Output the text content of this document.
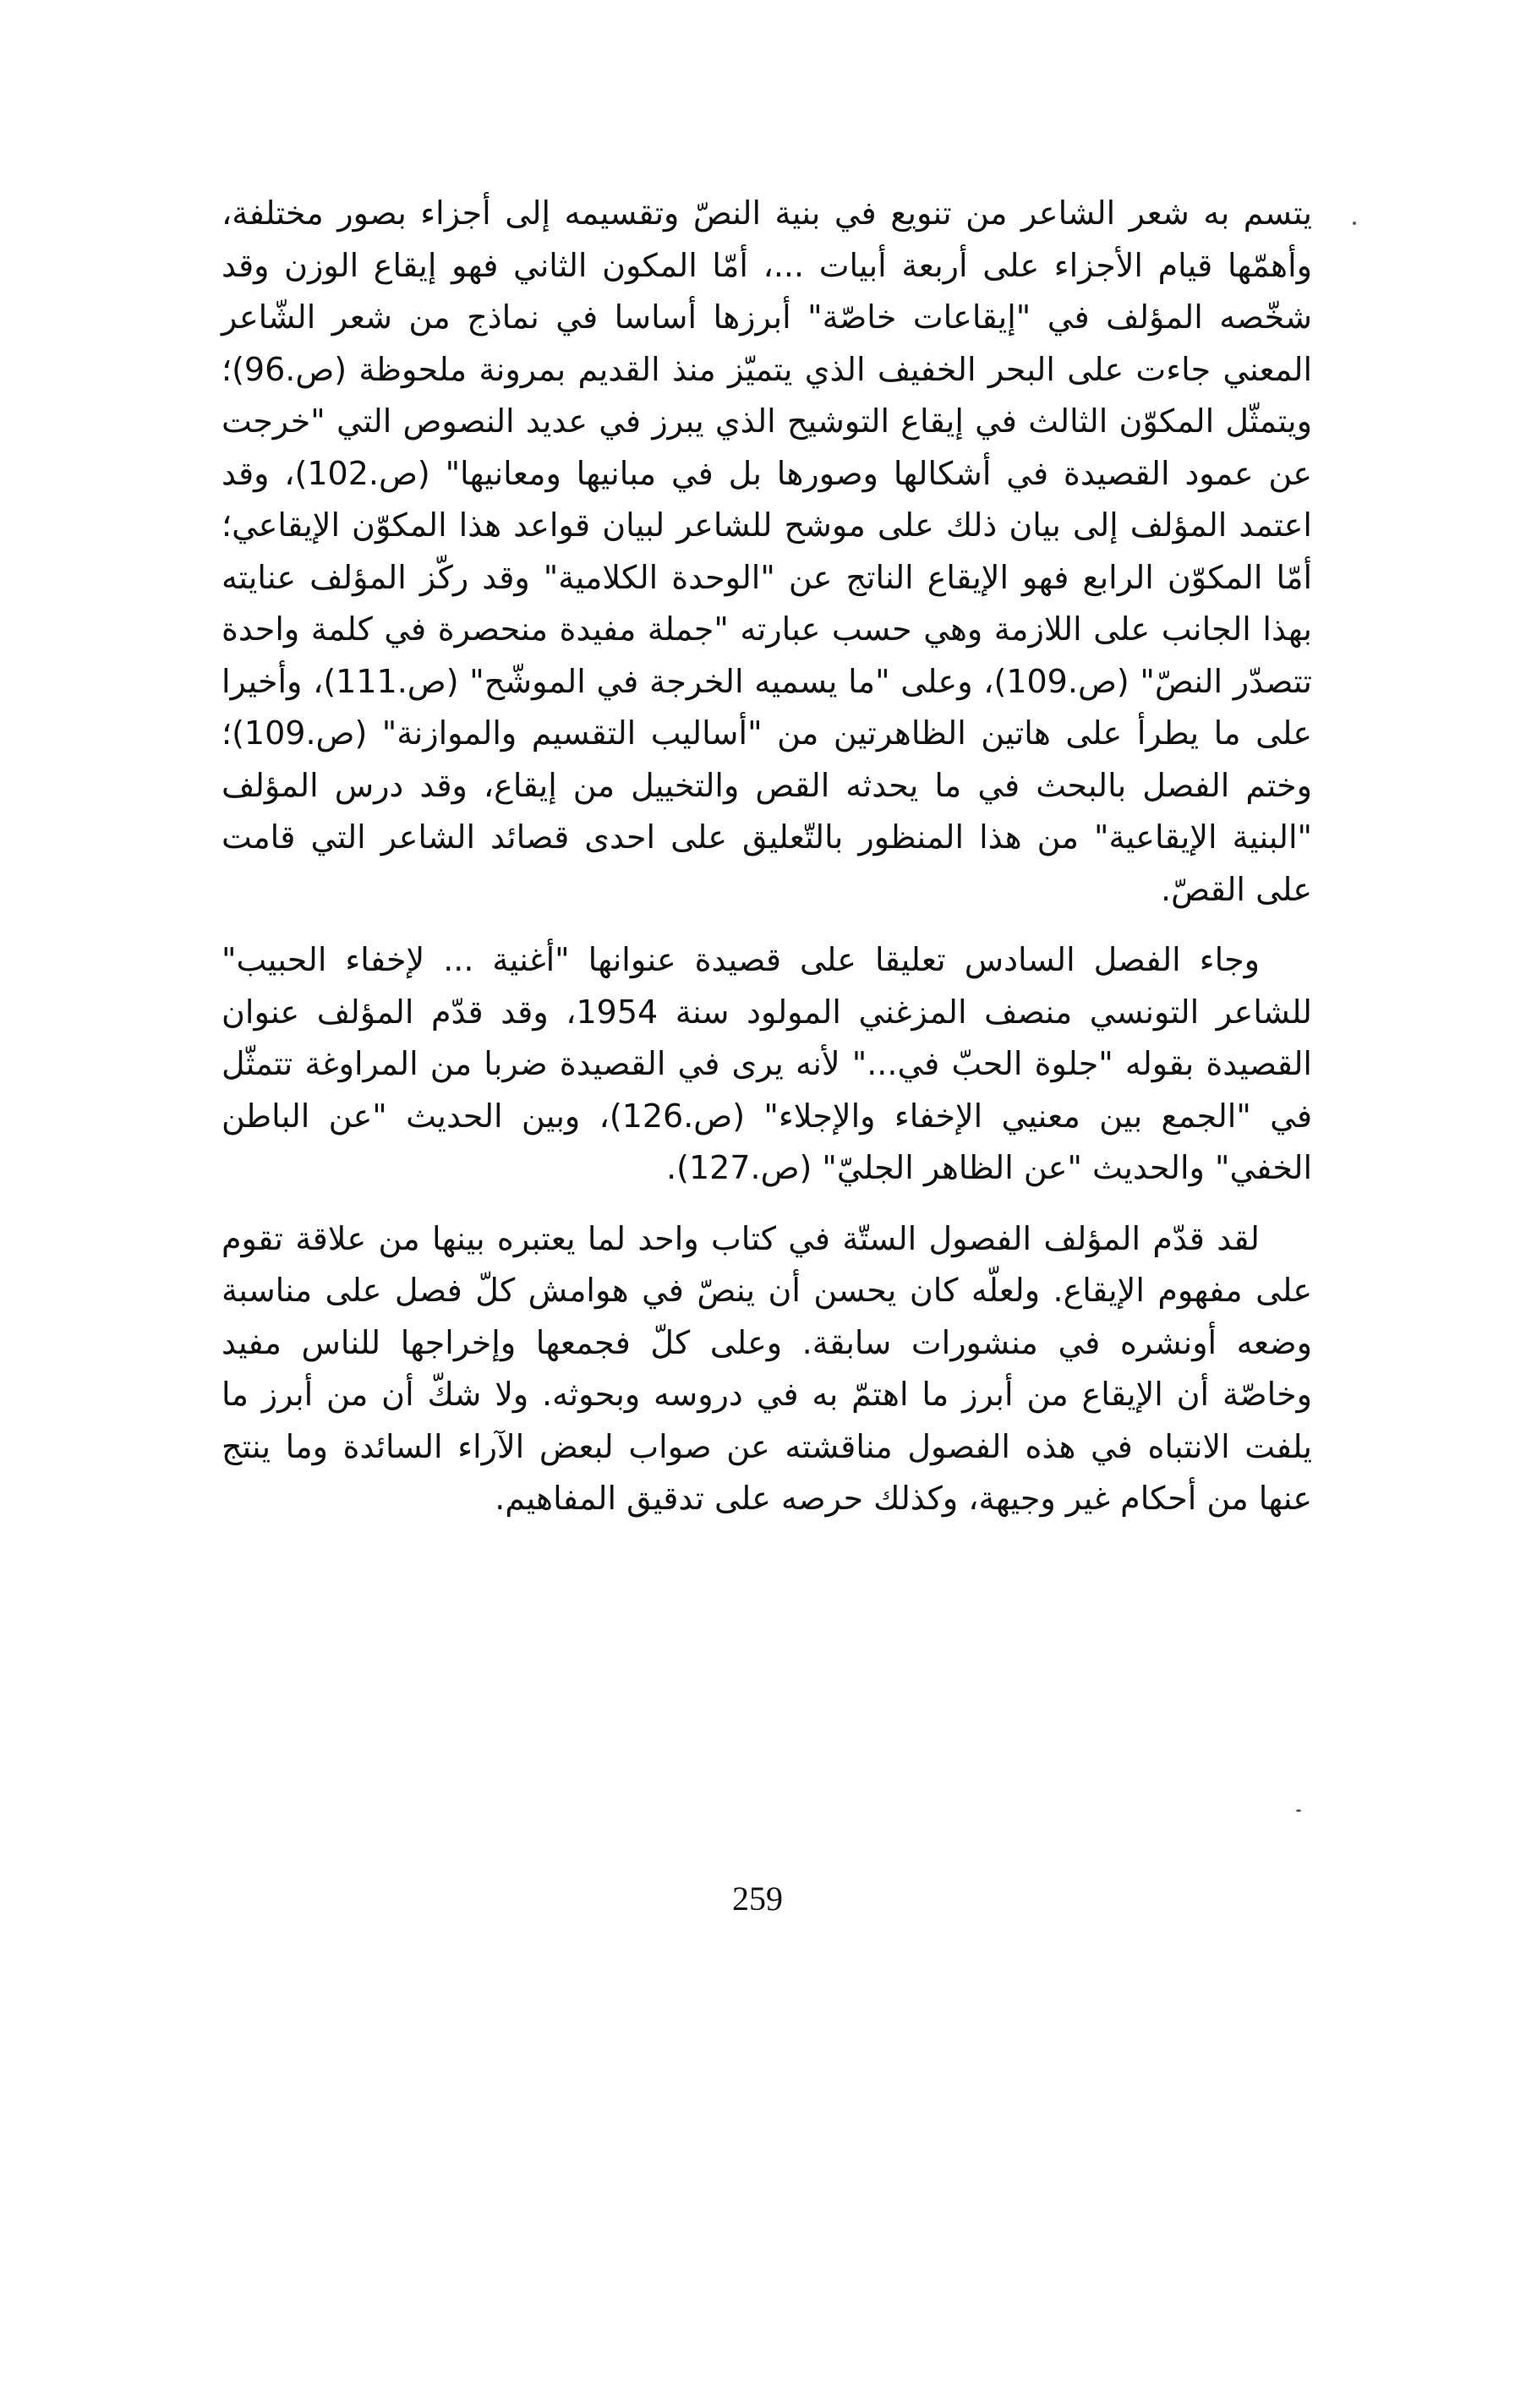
يتسم به شعر الشاعر من تنويع في بنية النصّ وتقسيمه إلى أجزاء بصور مختلفة، وأهمّها قيام الأجزاء على أربعة أبيات ...، أمّا المكون الثاني فهو إيقاع الوزن وقد شخّصه المؤلف في "إيقاعات خاصّة" أبرزها أساسا في نماذج من شعر الشّاعر المعني جاءت على البحر الخفيف الذي يتميّز منذ القديم بمرونة ملحوظة (ص.96)؛ ويتمثّل المكوّن الثالث في إيقاع التوشيح الذي يبرز في عديد النصوص التي "خرجت عن عمود القصيدة في أشكالها وصورها بل في مبانيها ومعانيها" (ص.102)، وقد اعتمد المؤلف إلى بيان ذلك على موشح للشاعر لبيان قواعد هذا المكوّن الإيقاعي؛ أمّا المكوّن الرابع فهو الإيقاع الناتج عن "الوحدة الكلامية" وقد ركّز المؤلف عنايته بهذا الجانب على اللازمة وهي حسب عبارته "جملة مفيدة منحصرة في كلمة واحدة تتصدّر النصّ" (ص.109)، وعلى "ما يسميه الخرجة في الموشّح" (ص.111)، وأخيرا على ما يطرأ على هاتين الظاهرتين من "أساليب التقسيم والموازنة" (ص.109)؛ وختم الفصل بالبحث في ما يحدثه القص والتخييل من إيقاع، وقد درس المؤلف "البنية الإيقاعية" من هذا المنظور بالتّعليق على احدى قصائد الشاعر التي قامت على القصّ.

وجاء الفصل السادس تعليقا على قصيدة عنوانها "أغنية ... لإخفاء الحبيب" للشاعر التونسي منصف المزغني المولود سنة 1954، وقد قدّم المؤلف عنوان القصيدة بقوله "جلوة الحبّ في..." لأنه يرى في القصيدة ضربا من المراوغة تتمثّل في "الجمع بين معنيي الإخفاء والإجلاء" (ص.126)، وبين الحديث "عن الباطن الخفي" والحديث "عن الظاهر الجليّ" (ص.127).

لقد قدّم المؤلف الفصول الستّة في كتاب واحد لما يعتبره بينها من علاقة تقوم على مفهوم الإيقاع. ولعلّه كان يحسن أن ينصّ في هوامش كلّ فصل على مناسبة وضعه أونشره في منشورات سابقة. وعلى كلّ فجمعها وإخراجها للناس مفيد وخاصّة أن الإيقاع من أبرز ما اهتمّ به في دروسه وبحوثه. ولا شكّ أن من أبرز ما يلفت الانتباه في هذه الفصول مناقشته عن صواب لبعض الآراء السائدة وما ينتج عنها من أحكام غير وجيهة، وكذلك حرصه على تدقيق المفاهيم.

259
